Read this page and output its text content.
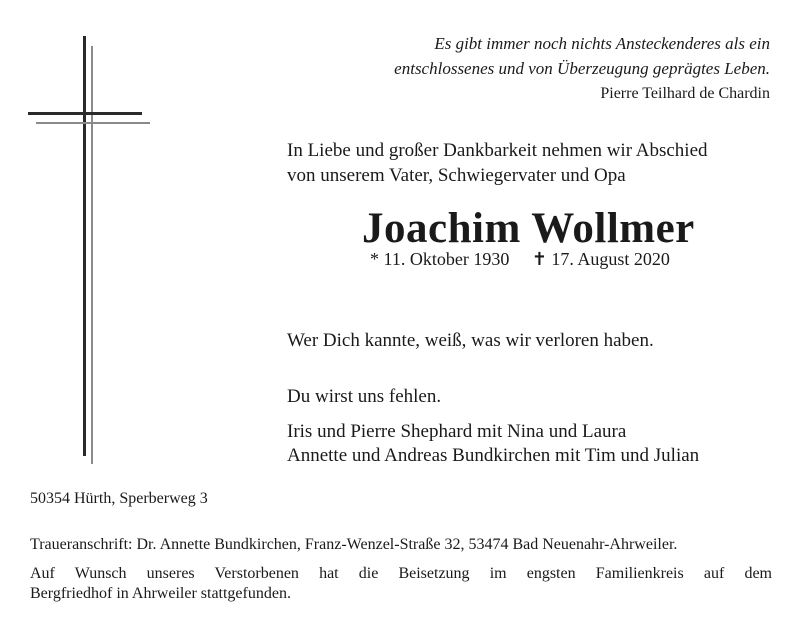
Es gibt immer noch nichts Ansteckenderes als ein
entschlossenes und von Überzeugung geprägtes Leben.
Pierre Teilhard de Chardin
In Liebe und großer Dankbarkeit nehmen wir Abschied
von unserem Vater, Schwiegervater und Opa
Joachim Wollmer
* 11. Oktober 1930 ✝ 17. August 2020
Wer Dich kannte, weiß, was wir verloren haben.
Du wirst uns fehlen.
Iris und Pierre Shephard mit Nina und Laura
Annette und Andreas Bundkirchen mit Tim und Julian
50354 Hürth, Sperberweg 3
Traueranschrift: Dr. Annette Bundkirchen, Franz-Wenzel-Straße 32, 53474 Bad Neuenahr-Ahrweiler.
Auf Wunsch unseres Verstorbenen hat die Beisetzung im engsten Familienkreis auf dem
Bergfriedhof in Ahrweiler stattgefunden.
